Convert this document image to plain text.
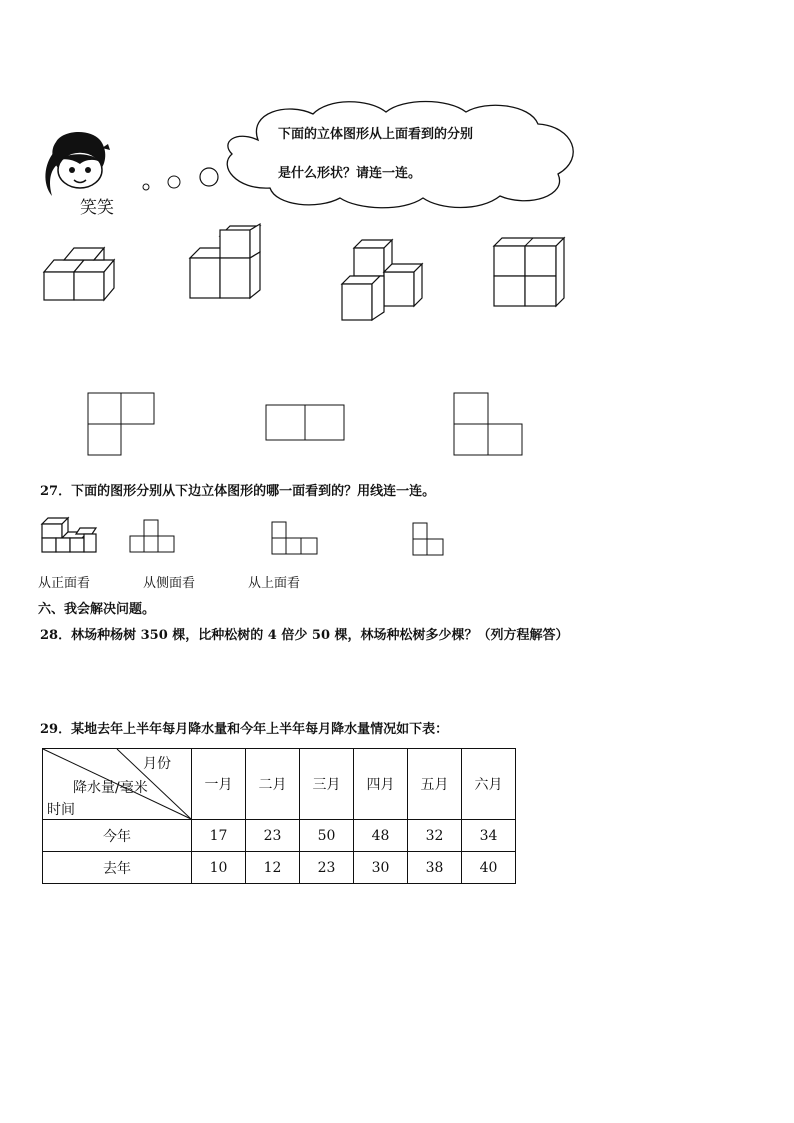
笑笑
下面的立体图形从上面看到的分别
是什么形状？请连一连。
27．下面的图形分别从下边立体图形的哪一面看到的？用线连一连。
从正面看	从侧面看	从上面看
六、我会解决问题。
28．林场种杨树 350 棵，比种松树的 4 倍少 50 棵，林场种松树多少棵？（列方程解答）
29．某地去年上半年每月降水量和今年上半年每月降水量情况如下表：
月份
降水量/毫米
时间	一月	二月	三月	四月	五月	六月
今年	17	23	50	48	32	34
去年	10	12	23	30	38	40
